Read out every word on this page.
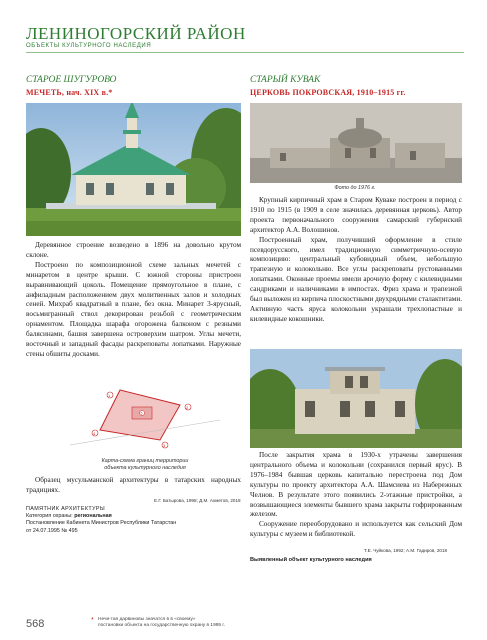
ЛЕНИНОГОРСКИЙ РАЙОН
ОБЪЕКТЫ КУЛЬТУРНОГО НАСЛЕДИЯ
СТАРОЕ ШУГУРОВО
МЕЧЕТЬ, нач. XIX в.*
СТАРЫЙ КУВАК
ЦЕРКОВЬ ПОКРОВСКАЯ, 1910–1915 гг.
Фото до 1976 г.

Деревянное строение возведено в 1896 на довольно крутом склоне.

Построено по композиционной схеме зальных мечетей с минаретом в центре крыши. С южной стороны пристроен выравнивающий цоколь. Помещение прямоугольное в плане, с анфиладным расположением двух молитвенных залов и холодных сеней. Михраб квадратный в плане, без окна. Минарет 3-ярусный, восьмигранный ствол декорирован резьбой с геометрическим орнаментом. Площадка шарафа огорожена балконом с резными балясинами, башня завершена островерхим шатром. Углы мечети, восточный и западный фасады раскреповаты лопатками. Наружные стены обшиты досками.

Крупный кирпичный храм в Старом Куваке построен в период с 1910 по 1915 (в 1909 в селе значилась деревянная церковь). Автор проекта первоначального сооружения самарский губернский архитектор А.А. Волошинов.

Построенный храм, получивший оформление в стиле псевдорусского, имел традиционную симметричную-осевую композицию: центральный кубовидный объем, небольшую трапезную и колокольню. Все углы раскреповаты рустованными лопатками. Оконные проемы имели арочную форму с килевидными сандриками и наличниками в импостах. Фриз храма и трапезной был выложен из кирпича плоскостными двухрядными сталактитами. Активную часть яруса колокольни украшали трехлопастные и килевидные кокошники.

1
2
3
4
5
Карта-схема границ территории
объекта культурного наследия

Образец мусульманской архитектуры в татарских народных традициях.

Е.Г. Батырова, 1998; Д.М. Ахметов, 2018
ПАМЯТНИК АРХИТЕКТУРЫ
Категория охраны: региональная
Постановление Кабинета Министров Республики Татарстан
от 24.07.1995 № 495

После закрытия храма в 1930-х утрачены завершения центрального объема и колокольни (сохранился первый ярус). В 1976–1984 бывшая церковь капитально перестроена под Дом культуры по проекту архитектора А.А. Шамсиева из Набережных Челнов. В результате этого появились 2-этажные пристройки, а возвышающиеся элементы бывшего храма закрыты гофрированным железом.

Сооружение переоборудовано и используется как сельский Дом культуры с музеем и библиотекой.

Т.Е. Чуйкова, 1992; А.М. Гадиров, 2018
Выявленный объект культурного наследия
568	* Нечи-тая дарвиновы значатся в в «своему»
постановки объекта на государственную охрану в 1995 г.
